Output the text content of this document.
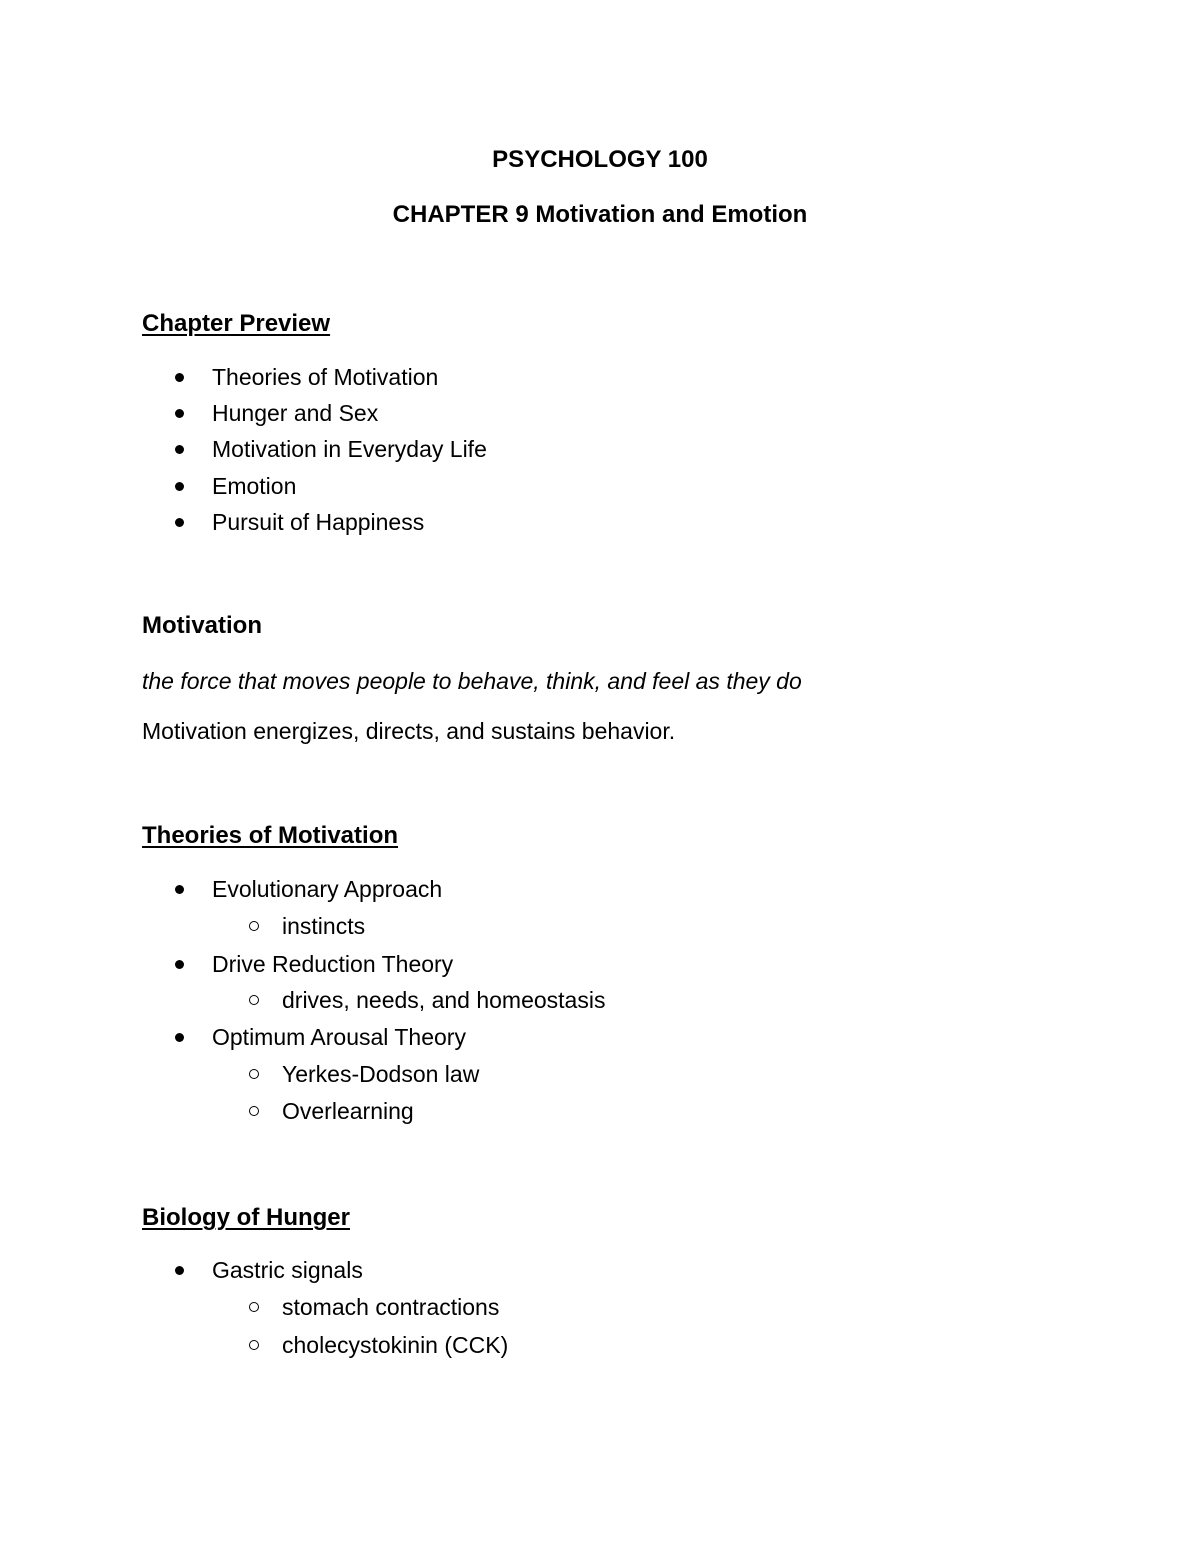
PSYCHOLOGY 100
CHAPTER 9 Motivation and Emotion
Chapter Preview
Theories of Motivation
Hunger and Sex
Motivation in Everyday Life
Emotion
Pursuit of Happiness
Motivation
the force that moves people to behave, think, and feel as they do
Motivation energizes, directs, and sustains behavior.
Theories of Motivation
Evolutionary Approach
instincts
Drive Reduction Theory
drives, needs, and homeostasis
Optimum Arousal Theory
Yerkes-Dodson law
Overlearning
Biology of Hunger
Gastric signals
stomach contractions
cholecystokinin (CCK)
